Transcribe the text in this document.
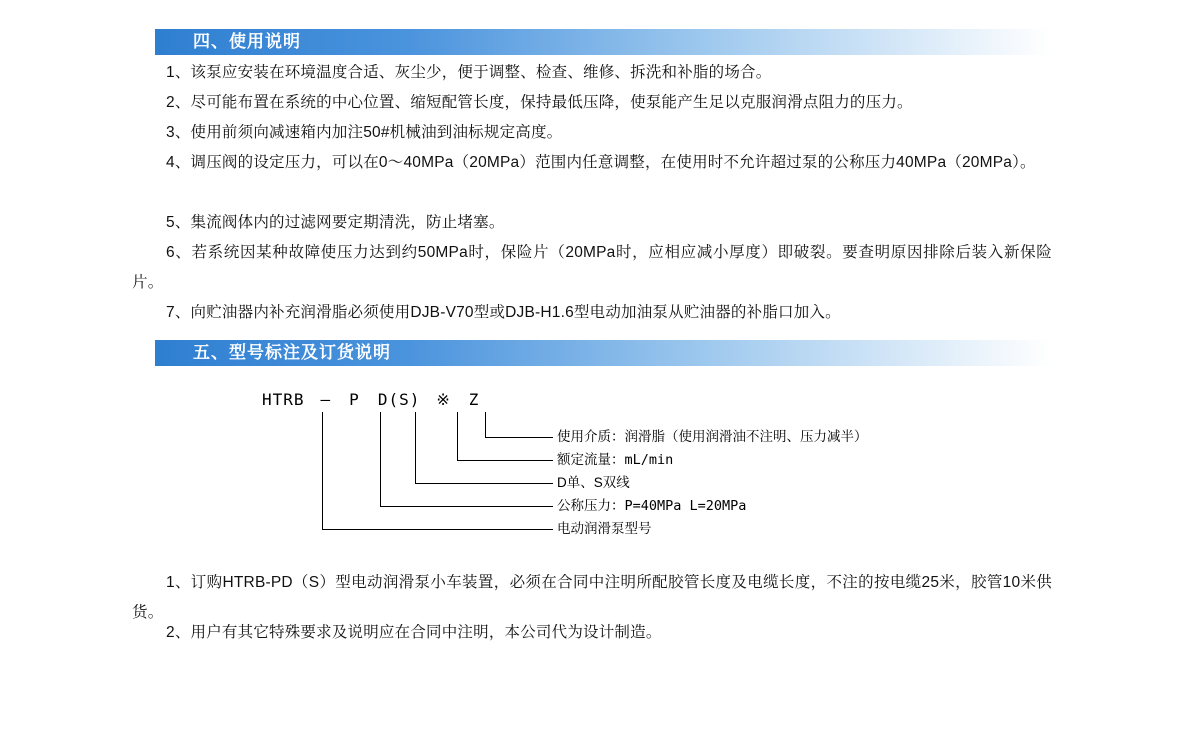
四、使用说明
1、该泵应安装在环境温度合适、灰尘少，便于调整、检查、维修、拆洗和补脂的场合。
2、尽可能布置在系统的中心位置、缩短配管长度，保持最低压降，使泵能产生足以克服润滑点阻力的压力。
3、使用前须向减速箱内加注50#机械油到油标规定高度。
4、调压阀的设定压力，可以在0～40MPa（20MPa）范围内任意调整，在使用时不允许超过泵的公称压力40MPa（20MPa）。
5、集流阀体内的过滤网要定期清洗，防止堵塞。
6、若系统因某种故障使压力达到约50MPa时，保险片（20MPa时，应相应减小厚度）即破裂。要查明原因排除后装入新保险片。
7、向贮油器内补充润滑脂必须使用DJB-V70型或DJB-H1.6型电动加油泵从贮油器的补脂口加入。
五、型号标注及订货说明
HTRB — P D(S) ※ Z
使用介质：润滑脂（使用润滑油不注明、压力减半）
额定流量：mL/min
D单、S双线
公称压力：P=40MPa L=20MPa
电动润滑泵型号
1、订购HTRB-PD（S）型电动润滑泵小车装置，必须在合同中注明所配胶管长度及电缆长度，不注的按电缆25米，胶管10米供货。
2、用户有其它特殊要求及说明应在合同中注明，本公司代为设计制造。
